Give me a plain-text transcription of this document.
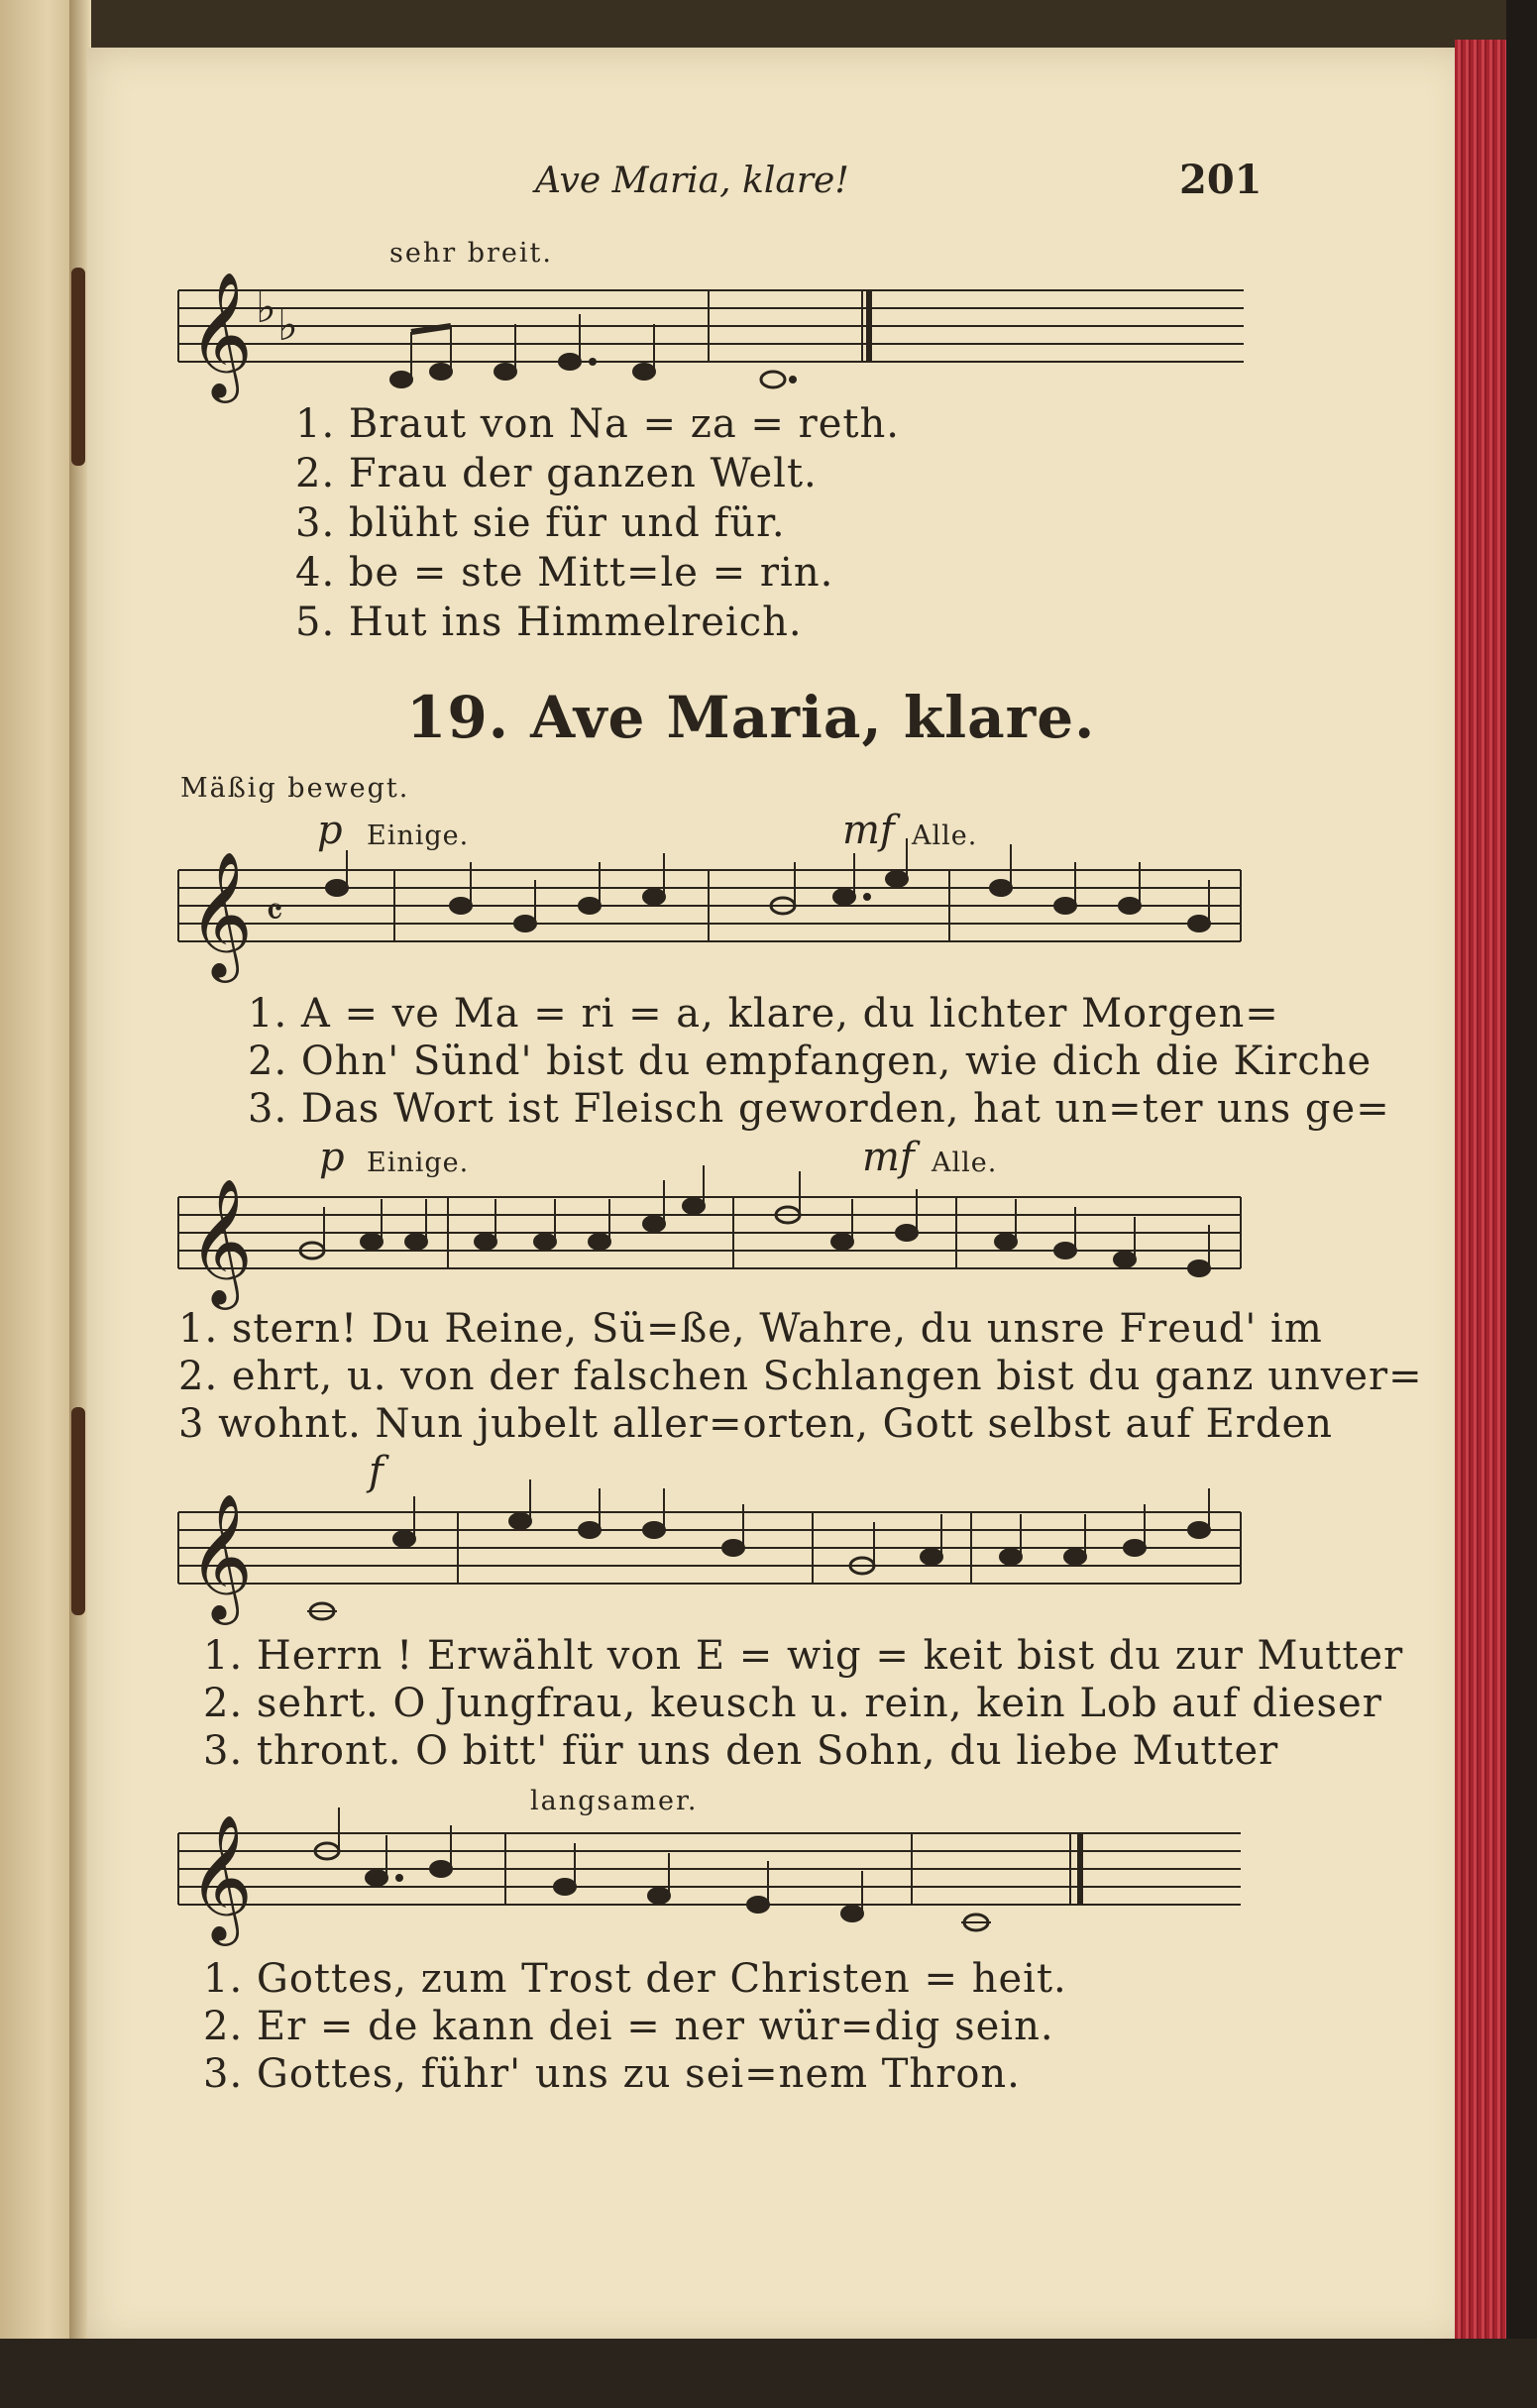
Ave Maria, klare!	201
sehr breit.
𝄞 ♭ ♭
1. Braut von Na = za = reth.
2. Frau der ganzen Welt.
3. blüht sie für und für.
4. be = ste Mitt=le = rin.
5. Hut ins Himmelreich.
19. Ave Maria, klare.
Mäßig bewegt.
p Einige.	mf Alle.
𝄞 𝄴
1. A = ve Ma = ri = a, klare, du lichter Morgen=
2. Ohn' Sünd' bist du empfangen, wie dich die Kirche
3. Das Wort ist Fleisch geworden, hat un=ter uns ge=
p Einige.	mf Alle.
𝄞
1. stern! Du Reine, Sü=ße, Wahre, du unsre Freud' im
2. ehrt, u. von der falschen Schlangen bist du ganz unver=
3 wohnt. Nun jubelt aller=orten, Gott selbst auf Erden
f
𝄞
1. Herrn ! Erwählt von E = wig = keit bist du zur Mutter
2. sehrt. O Jungfrau, keusch u. rein, kein Lob auf dieser
3. thront. O bitt' für uns den Sohn, du liebe Mutter
langsamer.
𝄞
1. Gottes, zum Trost der Christen = heit.
2. Er = de kann dei = ner wür=dig sein.
3. Gottes, führ' uns zu sei=nem Thron.
